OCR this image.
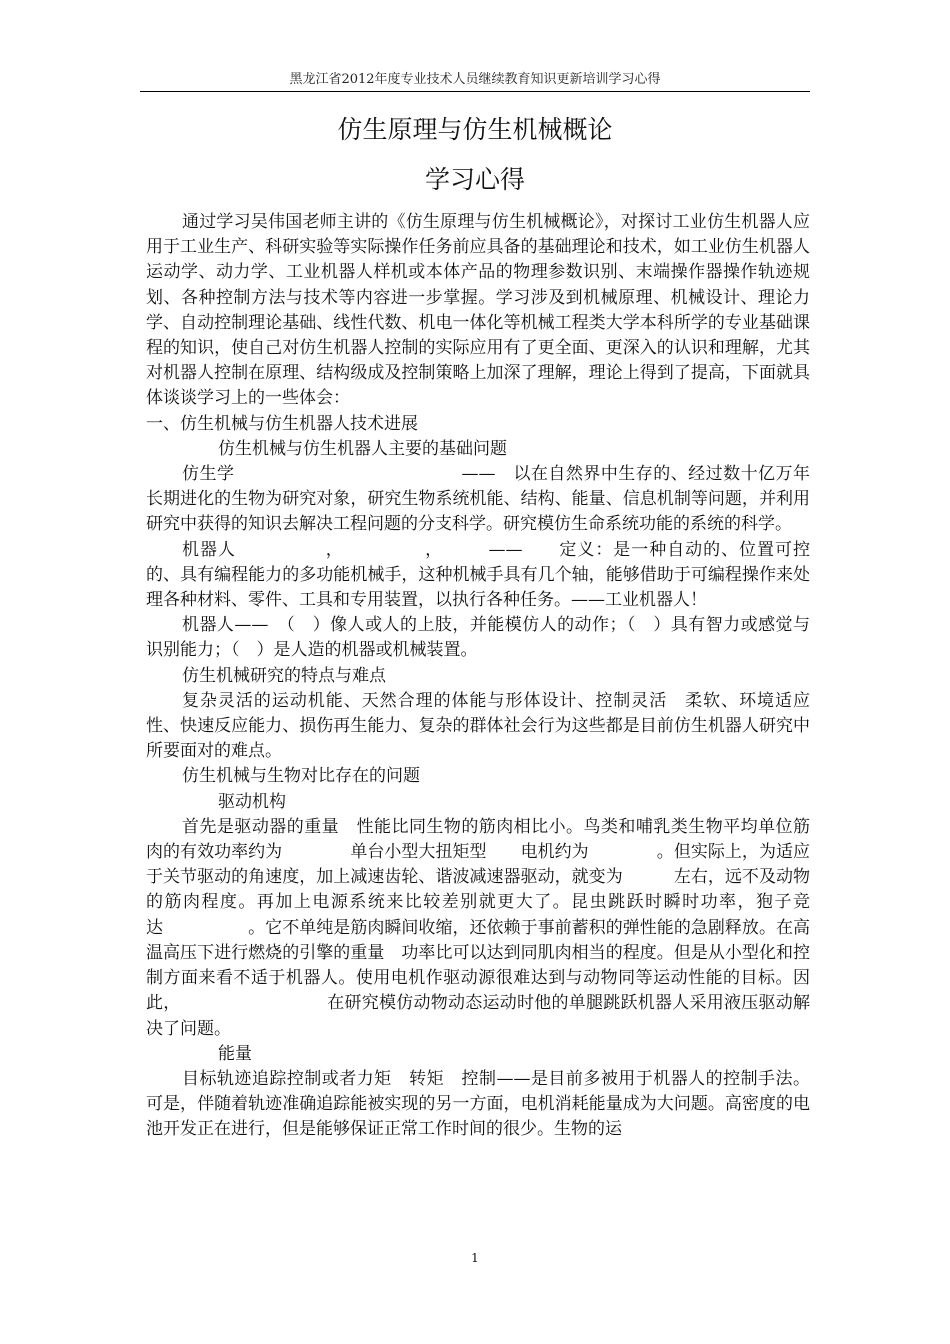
黑龙江省2012年度专业技术人员继续教育知识更新培训学习心得
仿生原理与仿生机械概论
学习心得

通过学习吴伟国老师主讲的《仿生原理与仿生机械概论》，对探讨工业仿生机器人应用于工业生产、科研实验等实际操作任务前应具备的基础理论和技术，如工业仿生机器人运动学、动力学、工业机器人样机或本体产品的物理参数识别、末端操作器操作轨迹规划、各种控制方法与技术等内容进一步掌握。学习涉及到机械原理、机械设计、理论力学、自动控制理论基础、线性代数、机电一体化等机械工程类大学本科所学的专业基础课程的知识，使自己对仿生机器人控制的实际应用有了更全面、更深入的认识和理解，尤其对机器人控制在原理、结构级成及控制策略上加深了理解，理论上得到了提高，下面就具体谈谈学习上的一些体会：

一、仿生机械与仿生机器人技术进展

仿生机械与仿生机器人主要的基础问题

仿生学　　　　　　　　　　　　　——　以在自然界中生存的、经过数十亿万年长期进化的生物为研究对象，研究生物系统机能、结构、能量、信息机制等问题，并利用研究中获得的知识去解决工程问题的分支科学。研究模仿生命系统功能的系统的科学。

机器人　　　　　，　　　　　，　　　——　　定义：是一种自动的、位置可控的、具有编程能力的多功能机械手，这种机械手具有几个轴，能够借助于可编程操作来处理各种材料、零件、工具和专用装置，以执行各种任务。——工业机器人！

机器人——　（　）像人或人的上肢，并能模仿人的动作；（　）具有智力或感觉与识别能力；（　）是人造的机器或机械装置。

仿生机械研究的特点与难点

复杂灵活的运动机能、天然合理的体能与形体设计、控制灵活　柔软、环境适应性、快速反应能力、损伤再生能力、复杂的群体社会行为这些都是目前仿生机器人研究中所要面对的难点。

仿生机械与生物对比存在的问题

驱动机构

首先是驱动器的重量　性能比同生物的筋肉相比小。鸟类和哺乳类生物平均单位筋肉的有效功率约为　　　　单台小型大扭矩型　　电机约为　　　　。但实际上，为适应于关节驱动的角速度，加上减速齿轮、谐波减速器驱动，就变为　　　左右，远不及动物的筋肉程度。再加上电源系统来比较差别就更大了。昆虫跳跃时瞬时功率，狍子竞达　　　　　。它不单纯是筋肉瞬间收缩，还依赖于事前蓄积的弹性能的急剧释放。在高温高压下进行燃烧的引擎的重量　功率比可以达到同肌肉相当的程度。但是从小型化和控制方面来看不适于机器人。使用电机作驱动源很难达到与动物同等运动性能的目标。因此，　　　　　　　　　在研究模仿动物动态运动时他的单腿跳跃机器人采用液压驱动解决了问题。

能量

目标轨迹追踪控制或者力矩　转矩　控制——是目前多被用于机器人的控制手法。可是，伴随着轨迹准确追踪能被实现的另一方面，电机消耗能量成为大问题。高密度的电池开发正在进行，但是能够保证正常工作时间的很少。生物的运

1
